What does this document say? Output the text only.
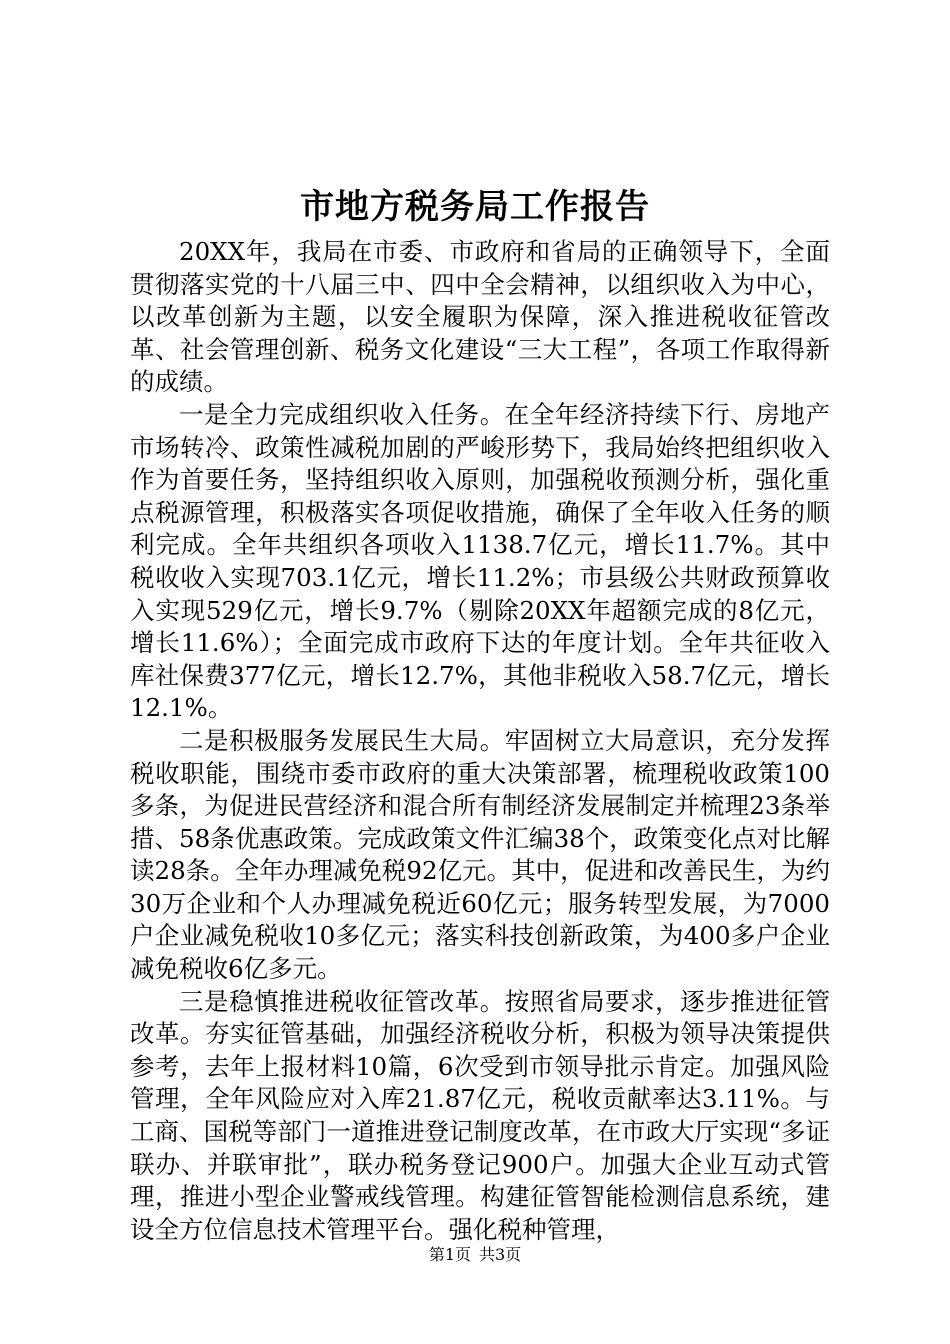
市地方税务局工作报告

20XX年，我局在市委、市政府和省局的正确领导下，全面贯彻落实党的十八届三中、四中全会精神，以组织收入为中心，以改革创新为主题，以安全履职为保障，深入推进税收征管改革、社会管理创新、税务文化建设“三大工程”，各项工作取得新的成绩。

一是全力完成组织收入任务。在全年经济持续下行、房地产市场转冷、政策性减税加剧的严峻形势下，我局始终把组织收入作为首要任务，坚持组织收入原则，加强税收预测分析，强化重点税源管理，积极落实各项促收措施，确保了全年收入任务的顺利完成。全年共组织各项收入1138.7亿元，增长11.7%。其中税收收入实现703.1亿元，增长11.2%；市县级公共财政预算收入实现529亿元，增长9.7%（剔除20XX年超额完成的8亿元，增长11.6%）；全面完成市政府下达的年度计划。全年共征收入库社保费377亿元，增长12.7%，其他非税收入58.7亿元，增长12.1%。

二是积极服务发展民生大局。牢固树立大局意识，充分发挥税收职能，围绕市委市政府的重大决策部署，梳理税收政策100多条，为促进民营经济和混合所有制经济发展制定并梳理23条举措、58条优惠政策。完成政策文件汇编38个，政策变化点对比解读28条。全年办理减免税92亿元。其中，促进和改善民生，为约30万企业和个人办理减免税近60亿元；服务转型发展，为7000户企业减免税收10多亿元；落实科技创新政策，为400多户企业减免税收6亿多元。

三是稳慎推进税收征管改革。按照省局要求，逐步推进征管改革。夯实征管基础，加强经济税收分析，积极为领导决策提供参考，去年上报材料10篇，6次受到市领导批示肯定。加强风险管理，全年风险应对入库21.87亿元，税收贡献率达3.11%。与工商、国税等部门一道推进登记制度改革，在市政大厅实现“多证联办、并联审批”，联办税务登记900户。加强大企业互动式管理，推进小型企业警戒线管理。构建征管智能检测信息系统，建设全方位信息技术管理平台。强化税种管理，

第1页 共3页
